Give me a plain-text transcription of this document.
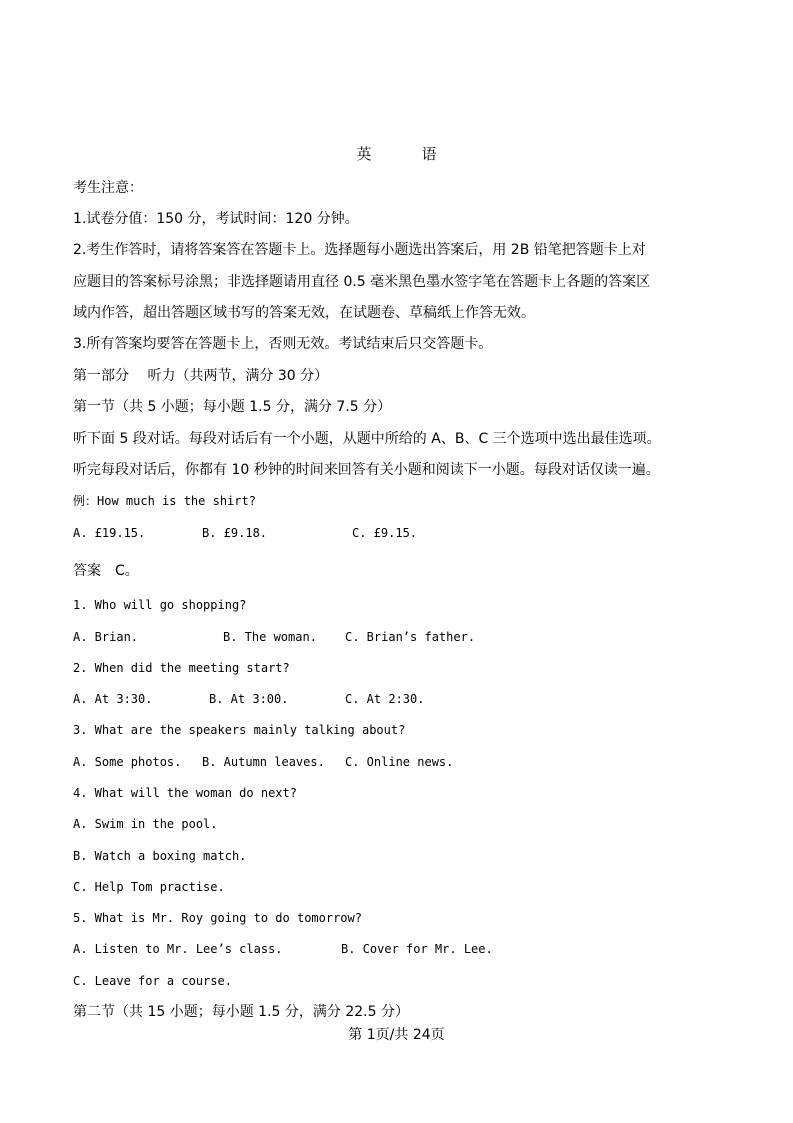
英	语
考生注意：
1.试卷分值：150 分，考试时间：120 分钟。
2.考生作答时，请将答案答在答题卡上。选择题每小题选出答案后，用 2B 铅笔把答题卡上对
应题目的答案标号涂黑；非选择题请用直径 0.5 毫米黑色墨水签字笔在答题卡上各题的答案区
域内作答，超出答题区域书写的答案无效，在试题卷、草稿纸上作答无效。
3.所有答案均要答在答题卡上，否则无效。考试结束后只交答题卡。
第一部分　 听力（共两节，满分 30 分）
第一节（共 5 小题；每小题 1.5 分，满分 7.5 分）
听下面 5 段对话。每段对话后有一个小题，从题中所给的 A、B、C 三个选项中选出最佳选项。
听完每段对话后，你都有 10 秒钟的时间来回答有关小题和阅读下一小题。每段对话仅读一遍。
例：How much is the shirt?
A. £19.15.	B. £9.18.	C. £9.15.
答案　C。
1. Who will go shopping?
A. Brian.	B. The woman. C. Brian’s father.
2. When did the meeting start?
A. At 3:30.	B. At 3:00.	C. At 2:30.
3. What are the speakers mainly talking about?
A. Some photos. B. Autumn leaves. C. Online news.
4. What will the woman do next?
A. Swim in the pool.
B. Watch a boxing match.
C. Help Tom practise.
5. What is Mr. Roy going to do tomorrow?
A. Listen to Mr. Lee’s class.	B. Cover for Mr. Lee.
C. Leave for a course.
第二节（共 15 小题；每小题 1.5 分，满分 22.5 分）
第 1页/共 24页
